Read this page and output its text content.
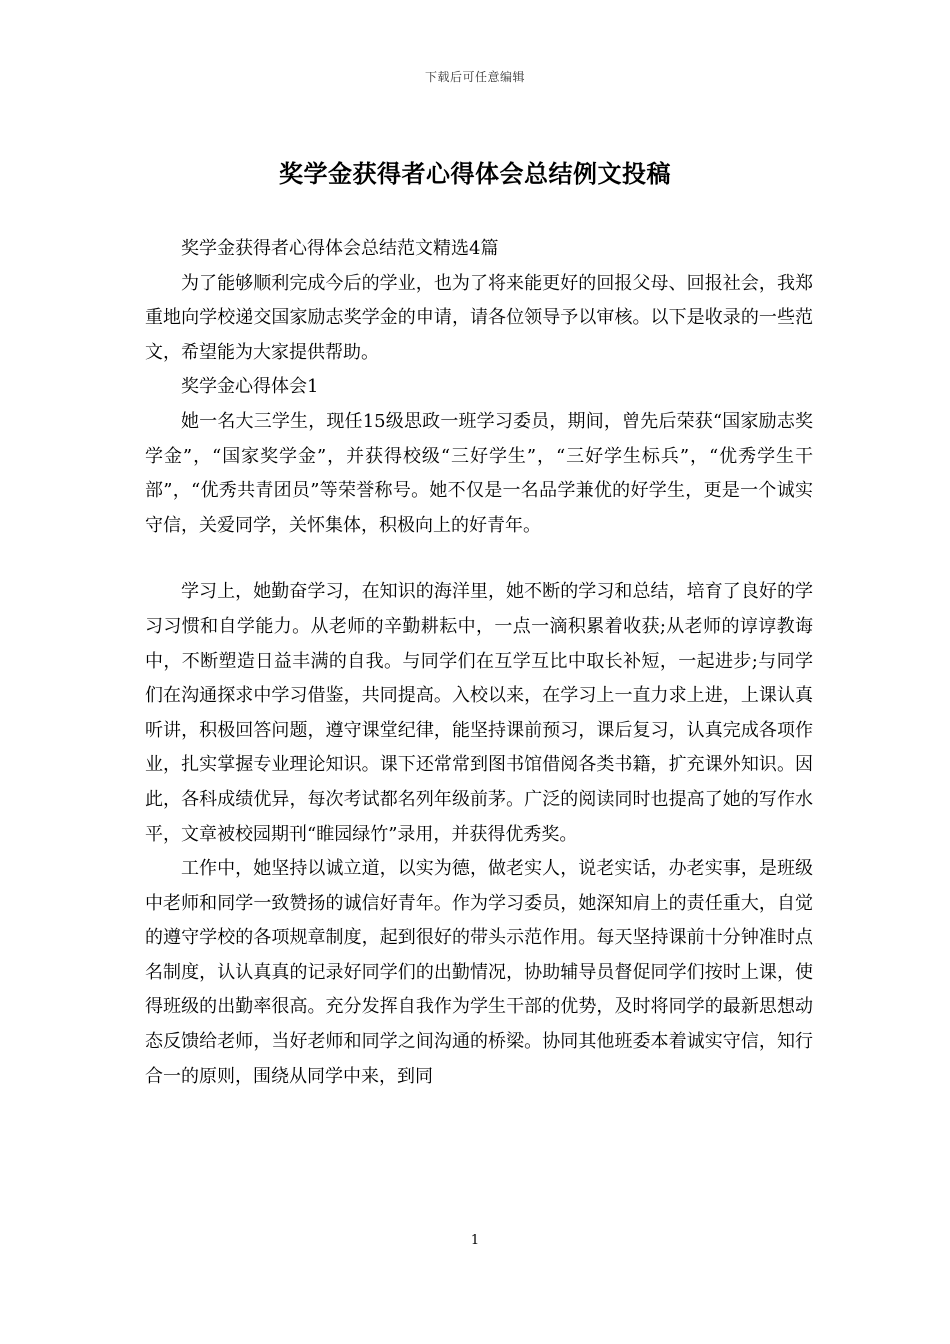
下载后可任意编辑
奖学金获得者心得体会总结例文投稿

奖学金获得者心得体会总结范文精选4篇

为了能够顺利完成今后的学业，也为了将来能更好的回报父母、回报社会，我郑重地向学校递交国家励志奖学金的申请，请各位领导予以审核。以下是收录的一些范文，希望能为大家提供帮助。

奖学金心得体会1

她一名大三学生，现任15级思政一班学习委员，期间，曾先后荣获“国家励志奖学金”，“国家奖学金”，并获得校级“三好学生”，“三好学生标兵”，“优秀学生干部”，“优秀共青团员”等荣誉称号。她不仅是一名品学兼优的好学生，更是一个诚实守信，关爱同学，关怀集体，积极向上的好青年。

学习上，她勤奋学习，在知识的海洋里，她不断的学习和总结，培育了良好的学习习惯和自学能力。从老师的辛勤耕耘中，一点一滴积累着收获;从老师的谆谆教诲中，不断塑造日益丰满的自我。与同学们在互学互比中取长补短，一起进步;与同学们在沟通探求中学习借鉴，共同提高。入校以来，在学习上一直力求上进，上课认真听讲，积极回答问题，遵守课堂纪律，能坚持课前预习，课后复习，认真完成各项作业，扎实掌握专业理论知识。课下还常常到图书馆借阅各类书籍，扩充课外知识。因此，各科成绩优异，每次考试都名列年级前茅。广泛的阅读同时也提高了她的写作水平，文章被校园期刊“睢园绿竹”录用，并获得优秀奖。

工作中，她坚持以诚立道，以实为德，做老实人，说老实话，办老实事，是班级中老师和同学一致赞扬的诚信好青年。作为学习委员，她深知肩上的责任重大，自觉的遵守学校的各项规章制度，起到很好的带头示范作用。每天坚持课前十分钟准时点名制度，认认真真的记录好同学们的出勤情况，协助辅导员督促同学们按时上课，使得班级的出勤率很高。充分发挥自我作为学生干部的优势，及时将同学的最新思想动态反馈给老师，当好老师和同学之间沟通的桥梁。协同其他班委本着诚实守信，知行合一的原则，围绕从同学中来，到同

1
